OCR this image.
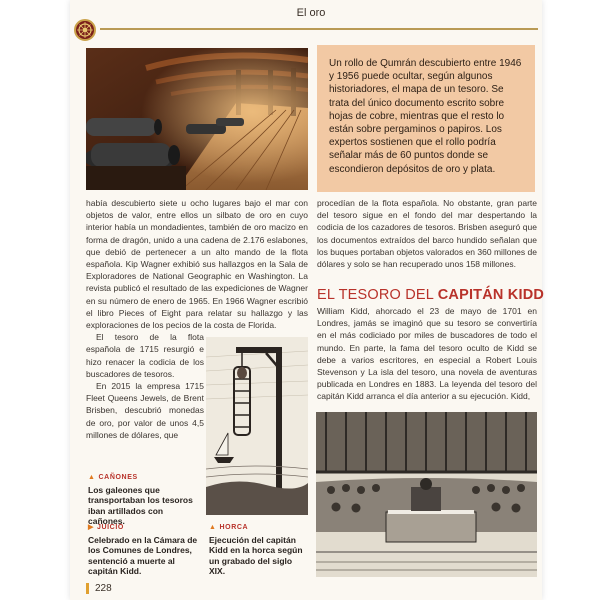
El oro
Un rollo de Qumrán descubierto entre 1946 y 1956 puede ocultar, según algunos historiadores, el mapa de un tesoro. Se trata del único documento escrito sobre hojas de cobre, mientras que el resto lo están sobre pergaminos o papiros. Los expertos sostienen que el rollo podría señalar más de 60 puntos donde se escondieron depósitos de oro y plata.

había descubierto siete u ocho lugares bajo el mar con objetos de valor, entre ellos un silbato de oro en cuyo interior había un mondadientes, también de oro macizo en forma de dragón, unido a una cadena de 2.176 eslabones, que debió de pertenecer a un alto mando de la flota española. Kip Wagner exhibió sus hallazgos en la Sala de Exploradores de National Geographic en Washington. La revista publicó el resultado de las expediciones de Wagner en su número de enero de 1965. En 1966 Wagner escribió el libro Pieces of Eight para relatar su hallazgo y las exploraciones de los pecios de la costa de Florida.

El tesoro de la flota española de 1715 resurgió e hizo renacer la codicia de los buscadores de tesoros.

En 2015 la empresa 1715 Fleet Queens Jewels, de Brent Brisben, descubrió monedas de oro, por valor de unos 4,5 millones de dólares, que

procedían de la flota española. No obstante, gran parte del tesoro sigue en el fondo del mar despertando la codicia de los cazadores de tesoros. Brisben aseguró que los documentos extraídos del barco hundido señalan que los buques portaban objetos valorados en 360 millones de dólares y solo se han recuperado unos 158 millones.

EL TESORO DEL CAPITÁN KIDD
William Kidd, ahorcado el 23 de mayo de 1701 en Londres, jamás se imaginó que su tesoro se convertiría en el más codiciado por miles de buscadores de todo el mundo. En parte, la fama del tesoro oculto de Kidd se debe a varios escritores, en especial a Robert Louis Stevenson y La isla del tesoro, una novela de aventuras publicada en Londres en 1883. La leyenda del tesoro del capitán Kidd arranca el día anterior a su ejecución. Kidd,
▲ CAÑONES
Los galeones que transportaban los tesoros iban artillados con cañones.
▶ JUICIO
Celebrado en la Cámara de los Comunes de Londres, sentenció a muerte al capitán Kidd.
▲ HORCA
Ejecución del capitán Kidd en la horca según un grabado del siglo XIX.
228
